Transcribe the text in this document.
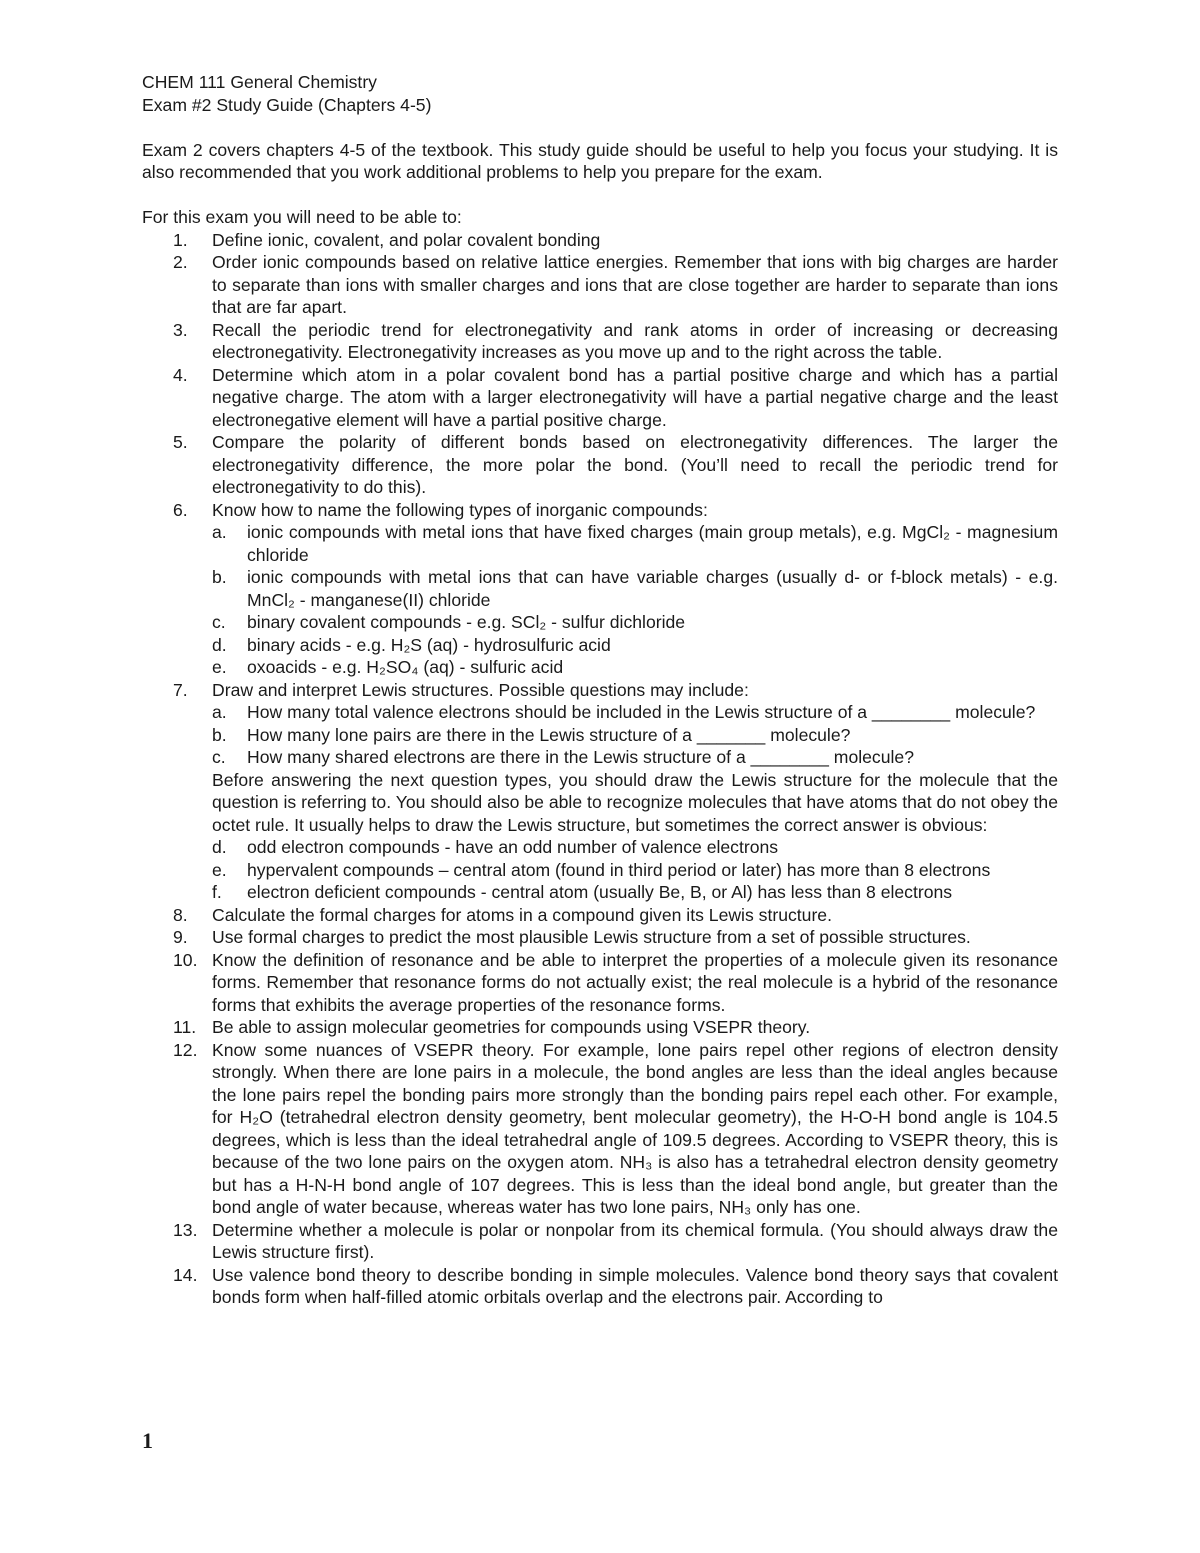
CHEM 111 General Chemistry

Exam #2 Study Guide (Chapters 4-5)

Exam 2 covers chapters 4-5 of the textbook. This study guide should be useful to help you focus your studying. It is also recommended that you work additional problems to help you prepare for the exam.

For this exam you will need to be able to:

1. Define ionic, covalent, and polar covalent bonding
2. Order ionic compounds based on relative lattice energies. Remember that ions with big charges are harder to separate than ions with smaller charges and ions that are close together are harder to separate than ions that are far apart.
3. Recall the periodic trend for electronegativity and rank atoms in order of increasing or decreasing electronegativity. Electronegativity increases as you move up and to the right across the table.
4. Determine which atom in a polar covalent bond has a partial positive charge and which has a partial negative charge. The atom with a larger electronegativity will have a partial negative charge and the least electronegative element will have a partial positive charge.
5. Compare the polarity of different bonds based on electronegativity differences. The larger the electronegativity difference, the more polar the bond. (You’ll need to recall the periodic trend for electronegativity to do this).
6. Know how to name the following types of inorganic compounds:
a. ionic compounds with metal ions that have fixed charges (main group metals), e.g. MgCl₂ - magnesium chloride
b. ionic compounds with metal ions that can have variable charges (usually d- or f-block metals) - e.g. MnCl₂ - manganese(II) chloride
c. binary covalent compounds - e.g. SCl₂ - sulfur dichloride
d. binary acids - e.g. H₂S (aq) - hydrosulfuric acid
e. oxoacids - e.g. H₂SO₄ (aq) - sulfuric acid
7. Draw and interpret Lewis structures. Possible questions may include:
a. How many total valence electrons should be included in the Lewis structure of a ________ molecule?
b. How many lone pairs are there in the Lewis structure of a _______ molecule?
c. How many shared electrons are there in the Lewis structure of a ________ molecule?

Before answering the next question types, you should draw the Lewis structure for the molecule that the question is referring to. You should also be able to recognize molecules that have atoms that do not obey the octet rule. It usually helps to draw the Lewis structure, but sometimes the correct answer is obvious:

d. odd electron compounds - have an odd number of valence electrons
e. hypervalent compounds – central atom (found in third period or later) has more than 8 electrons
f. electron deficient compounds - central atom (usually Be, B, or Al) has less than 8 electrons
8. Calculate the formal charges for atoms in a compound given its Lewis structure.
9. Use formal charges to predict the most plausible Lewis structure from a set of possible structures.
10. Know the definition of resonance and be able to interpret the properties of a molecule given its resonance forms. Remember that resonance forms do not actually exist; the real molecule is a hybrid of the resonance forms that exhibits the average properties of the resonance forms.
11. Be able to assign molecular geometries for compounds using VSEPR theory.
12. Know some nuances of VSEPR theory. For example, lone pairs repel other regions of electron density strongly. When there are lone pairs in a molecule, the bond angles are less than the ideal angles because the lone pairs repel the bonding pairs more strongly than the bonding pairs repel each other. For example, for H₂O (tetrahedral electron density geometry, bent molecular geometry), the H-O-H bond angle is 104.5 degrees, which is less than the ideal tetrahedral angle of 109.5 degrees. According to VSEPR theory, this is because of the two lone pairs on the oxygen atom. NH₃ is also has a tetrahedral electron density geometry but has a H-N-H bond angle of 107 degrees. This is less than the ideal bond angle, but greater than the bond angle of water because, whereas water has two lone pairs, NH₃ only has one.
13. Determine whether a molecule is polar or nonpolar from its chemical formula. (You should always draw the Lewis structure first).
14. Use valence bond theory to describe bonding in simple molecules. Valence bond theory says that covalent bonds form when half-filled atomic orbitals overlap and the electrons pair. According to
1
